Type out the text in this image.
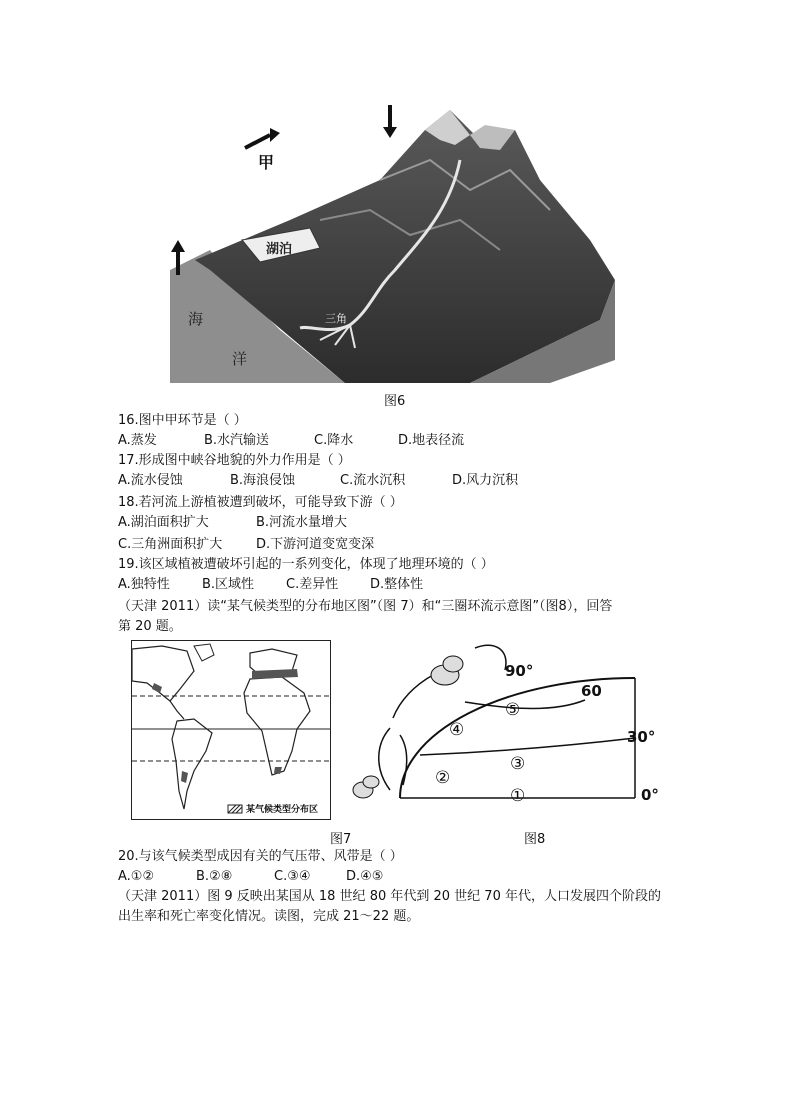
甲
湖泊
海
洋
三角
图6
16.图中甲环节是（ ）
A.蒸发	B.水汽输送	C.降水	D.地表径流
17.形成图中峡谷地貌的外力作用是（ ）
A.流水侵蚀	B.海浪侵蚀	C.流水沉积	D.风力沉积
18.若河流上游植被遭到破坏，可能导致下游（ ）
A.湖泊面积扩大	B.河流水量增大
C.三角洲面积扩大	D.下游河道变宽变深
19.该区域植被遭破坏引起的一系列变化，体现了地理环境的（ ）
A.独特性 B.区域性 C.差异性 D.整体性
（天津 2011）读“某气候类型的分布地区图”（图 7）和“三圈环流示意图”（图8），回答
第 20 题。
某气候类型分布区
图7
90°
60
30°
0°
①
②
③
④
⑤
图8
20.与该气候类型成因有关的气压带、风带是（ ）
A.①②	B.②⑧	C.③④	D.④⑤
（天津 2011）图 9 反映出某国从 18 世纪 80 年代到 20 世纪 70 年代，人口发展四个阶段的
出生率和死亡率变化情况。读图，完成 21～22 题。
